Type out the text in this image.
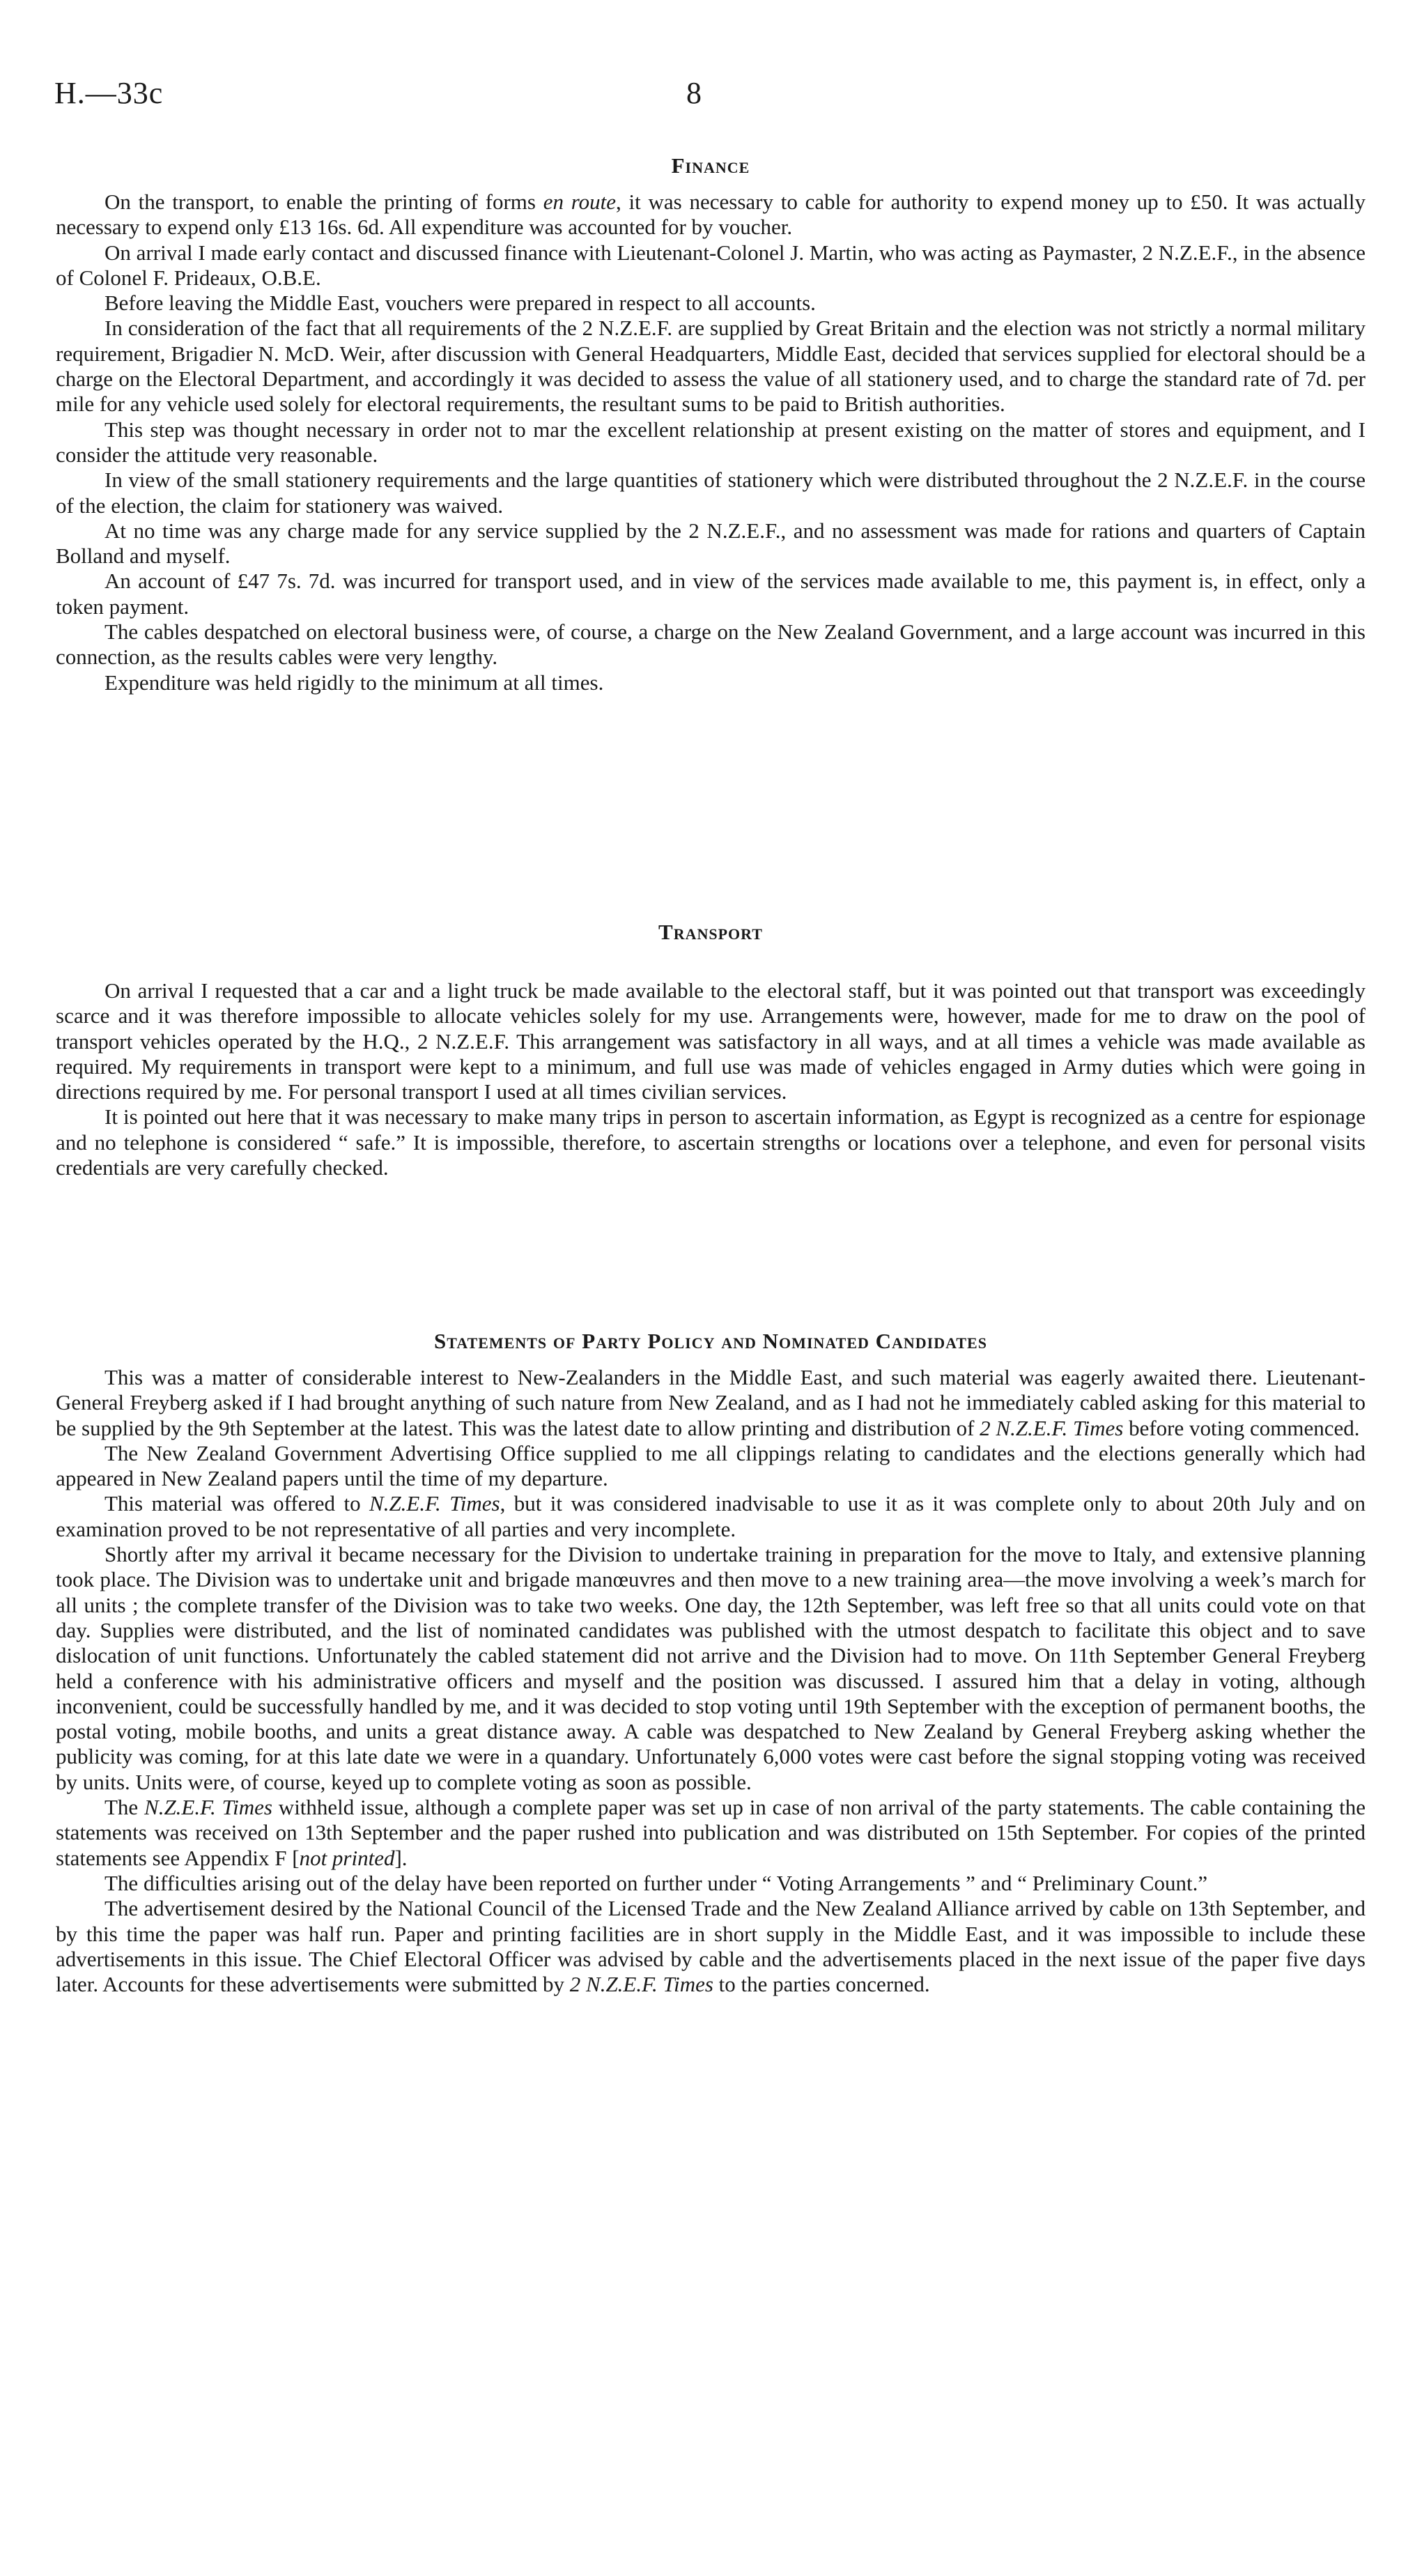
H.—33c	8
Finance

On the transport, to enable the printing of forms en route, it was necessary to cable for authority to expend money up to £50. It was actually necessary to expend only £13 16s. 6d. All expenditure was accounted for by voucher.

On arrival I made early contact and discussed finance with Lieutenant-Colonel J. Martin, who was acting as Paymaster, 2 N.Z.E.F., in the absence of Colonel F. Prideaux, O.B.E.

Before leaving the Middle East, vouchers were prepared in respect to all accounts.

In consideration of the fact that all requirements of the 2 N.Z.E.F. are supplied by Great Britain and the election was not strictly a normal military requirement, Brigadier N. McD. Weir, after discussion with General Headquarters, Middle East, decided that services supplied for electoral should be a charge on the Electoral Department, and accordingly it was decided to assess the value of all stationery used, and to charge the standard rate of 7d. per mile for any vehicle used solely for electoral requirements, the resultant sums to be paid to British authorities.

This step was thought necessary in order not to mar the excellent relationship at present existing on the matter of stores and equipment, and I consider the attitude very reasonable.

In view of the small stationery requirements and the large quantities of stationery which were distributed throughout the 2 N.Z.E.F. in the course of the election, the claim for stationery was waived.

At no time was any charge made for any service supplied by the 2 N.Z.E.F., and no assessment was made for rations and quarters of Captain Bolland and myself.

An account of £47 7s. 7d. was incurred for transport used, and in view of the services made available to me, this payment is, in effect, only a token payment.

The cables despatched on electoral business were, of course, a charge on the New Zealand Government, and a large account was incurred in this connection, as the results cables were very lengthy.

Expenditure was held rigidly to the minimum at all times.

Transport

On arrival I requested that a car and a light truck be made available to the electoral staff, but it was pointed out that transport was exceedingly scarce and it was therefore impossible to allocate vehicles solely for my use. Arrangements were, however, made for me to draw on the pool of transport vehicles operated by the H.Q., 2 N.Z.E.F. This arrangement was satisfactory in all ways, and at all times a vehicle was made available as required. My requirements in transport were kept to a minimum, and full use was made of vehicles engaged in Army duties which were going in directions required by me. For personal transport I used at all times civilian services.

It is pointed out here that it was necessary to make many trips in person to ascertain information, as Egypt is recognized as a centre for espionage and no telephone is considered “ safe.” It is impossible, therefore, to ascertain strengths or locations over a telephone, and even for personal visits credentials are very carefully checked.

Statements of Party Policy and Nominated Candidates

This was a matter of considerable interest to New-Zealanders in the Middle East, and such material was eagerly awaited there. Lieutenant-General Freyberg asked if I had brought anything of such nature from New Zealand, and as I had not he immediately cabled asking for this material to be supplied by the 9th September at the latest. This was the latest date to allow printing and distribution of 2 N.Z.E.F. Times before voting commenced.

The New Zealand Government Advertising Office supplied to me all clippings relating to candidates and the elections generally which had appeared in New Zealand papers until the time of my departure.

This material was offered to N.Z.E.F. Times, but it was considered inadvisable to use it as it was complete only to about 20th July and on examination proved to be not representative of all parties and very incomplete.

Shortly after my arrival it became necessary for the Division to undertake training in preparation for the move to Italy, and extensive planning took place. The Division was to undertake unit and brigade manœuvres and then move to a new training area—the move involving a week’s march for all units ; the complete transfer of the Division was to take two weeks. One day, the 12th September, was left free so that all units could vote on that day. Supplies were distributed, and the list of nominated candidates was published with the utmost despatch to facilitate this object and to save dislocation of unit functions. Unfortunately the cabled statement did not arrive and the Division had to move. On 11th September General Freyberg held a conference with his administrative officers and myself and the position was discussed. I assured him that a delay in voting, although inconvenient, could be successfully handled by me, and it was decided to stop voting until 19th September with the exception of permanent booths, the postal voting, mobile booths, and units a great distance away. A cable was despatched to New Zealand by General Freyberg asking whether the publicity was coming, for at this late date we were in a quandary. Unfortunately 6,000 votes were cast before the signal stopping voting was received by units. Units were, of course, keyed up to complete voting as soon as possible.

The N.Z.E.F. Times withheld issue, although a complete paper was set up in case of non arrival of the party statements. The cable containing the statements was received on 13th September and the paper rushed into publication and was distributed on 15th September. For copies of the printed statements see Appendix F [not printed].

The difficulties arising out of the delay have been reported on further under “ Voting Arrangements ” and “ Preliminary Count.”

The advertisement desired by the National Council of the Licensed Trade and the New Zealand Alliance arrived by cable on 13th September, and by this time the paper was half run. Paper and printing facilities are in short supply in the Middle East, and it was impossible to include these advertisements in this issue. The Chief Electoral Officer was advised by cable and the advertisements placed in the next issue of the paper five days later. Accounts for these advertisements were submitted by 2 N.Z.E.F. Times to the parties concerned.
